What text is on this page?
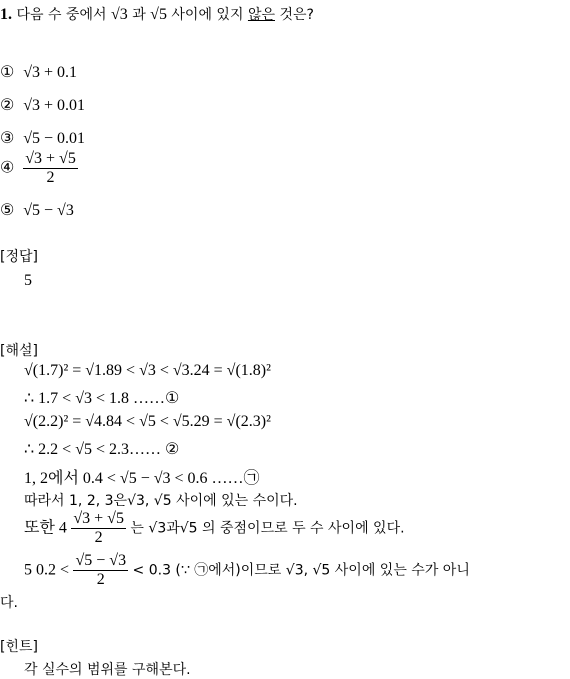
1. 다음 수 중에서 √3 과 √5 사이에 있지 않은 것은?
① √3 + 0.1
② √3 + 0.01
③ √5 − 0.01
④ $\frac{√3 + √5}{2}$
⑤ √5 − √3
[정답]
5
[해설]
√(1.7)² = √1.89 < √3 < √3.24 = √(1.8)²
∴ 1.7 < √3 < 1.8 ……①
√(2.2)² = √4.84 < √5 < √5.29 = √(2.3)²
∴ 2.2 < √5 < 2.3…… ②
1, 2에서 0.4 < √5 − √3 < 0.6 ……㉠
따라서 1, 2, 3은√3, √5 사이에 있는 수이다.
또한 $4 \frac{√3 + √5}{2}$ 는 √3과√5 의 중점이므로 두 수 사이에 있다.
5 $0.2 < \frac{√5 - √3}{2} < 0.3$ (∵ ㉠에서)이므로 √3, √5 사이에 있는 수가 아니
다.
[힌트]
각 실수의 범위를 구해본다.
